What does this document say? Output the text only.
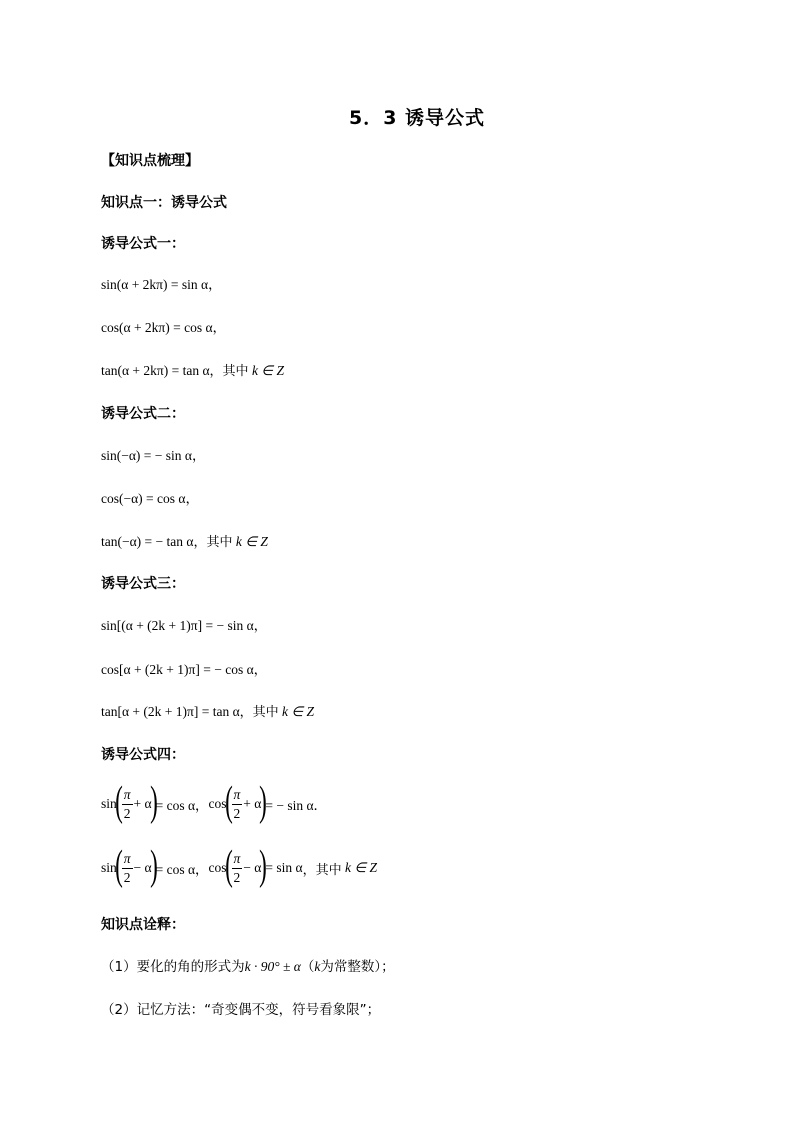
5．3 诱导公式
【知识点梳理】
知识点一：诱导公式
诱导公式一：
sin(α + 2kπ) = sin α，
cos(α + 2kπ) = cos α，
tan(α + 2kπ) = tan α，其中 k ∈ Z
诱导公式二：
sin(−α) = − sin α，
cos(−α) = cos α，
tan(−α) = − tan α，其中 k ∈ Z
诱导公式三：
sin[(α + (2k + 1)π] = − sin α，
cos[α + (2k + 1)π] = − cos α，
tan[α + (2k + 1)π] = tan α，其中 k ∈ Z
诱导公式四：
sin
( $\frac{\pi}{2} + \alpha$
)
= cos α， cos
( $\frac{\pi}{2} + \alpha$
)
= − sin α．
sin
( $\frac{\pi}{2} - \alpha$
)
= cos α， cos
( $\frac{\pi}{2} - \alpha$
)
= sin α ，其中
k ∈ Z
知识点诠释：
（1）要化的角的形式为k · 90° ± α（k为常整数）；
（2）记忆方法：“奇变偶不变，符号看象限”；
